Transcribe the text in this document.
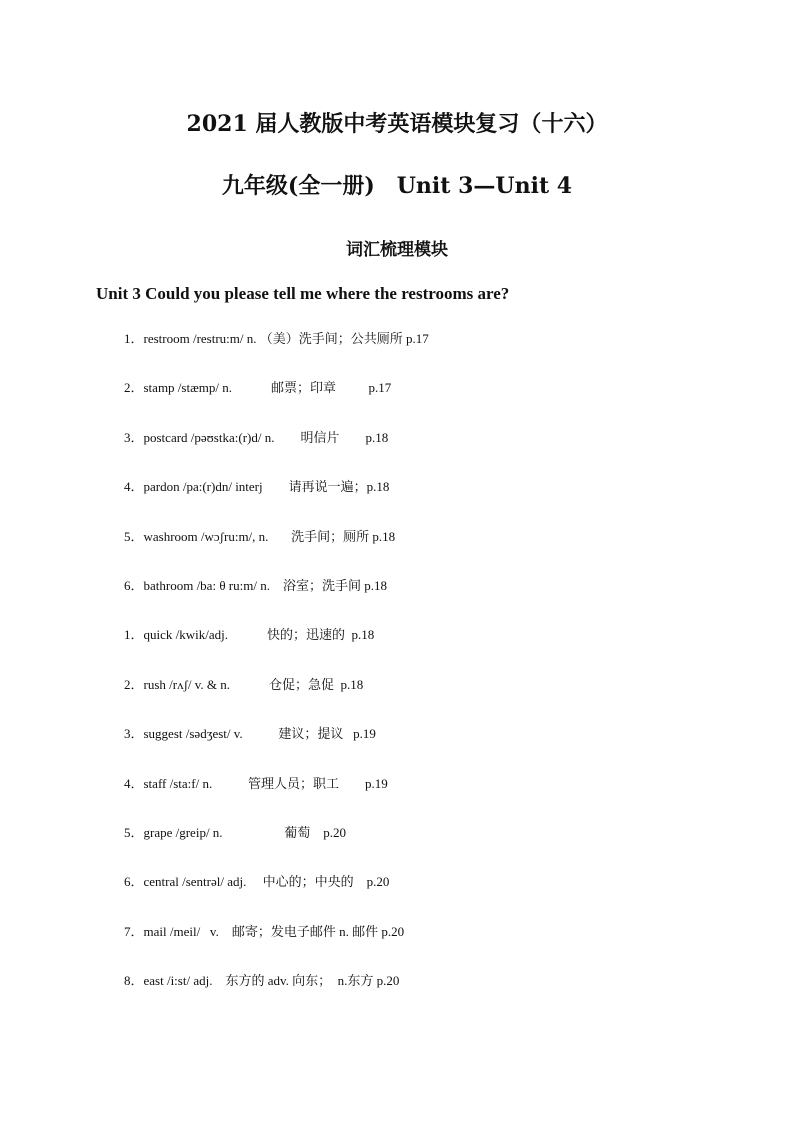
2021 届人教版中考英语模块复习（十六）
九年级(全一册)　Unit 3—Unit 4
词汇梳理模块
Unit 3 Could you please tell me where the restrooms are?
1．restroom /restru:m/ n. （美）洗手间；公共厕所 p.17
2．stamp /stæmp/ n.            邮票；印章          p.17
3．postcard /pəʊstka:(r)d/ n.        明信片        p.18
4．pardon /pa:(r)dn/ interj        请再说一遍；p.18
5．washroom /wɔʃru:m/, n.       洗手间；厕所 p.18
6．bathroom /ba: θ ru:m/ n.    浴室；洗手间 p.18
1．quick /kwik/adj.            快的；迅速的  p.18
2．rush /rʌʃ/ v. & n.            仓促；急促  p.18
3．suggest /sədʒest/ v.           建议；提议   p.19
4．staff /sta:f/ n.           管理人员；职工        p.19
5．grape /greip/ n.                   葡萄    p.20
6．central /sentrəl/ adj.     中心的；中央的    p.20
7．mail /meil/   v.    邮寄；发电子邮件 n. 邮件 p.20
8．east /i:st/ adj.    东方的 adv. 向东；  n.东方 p.20
